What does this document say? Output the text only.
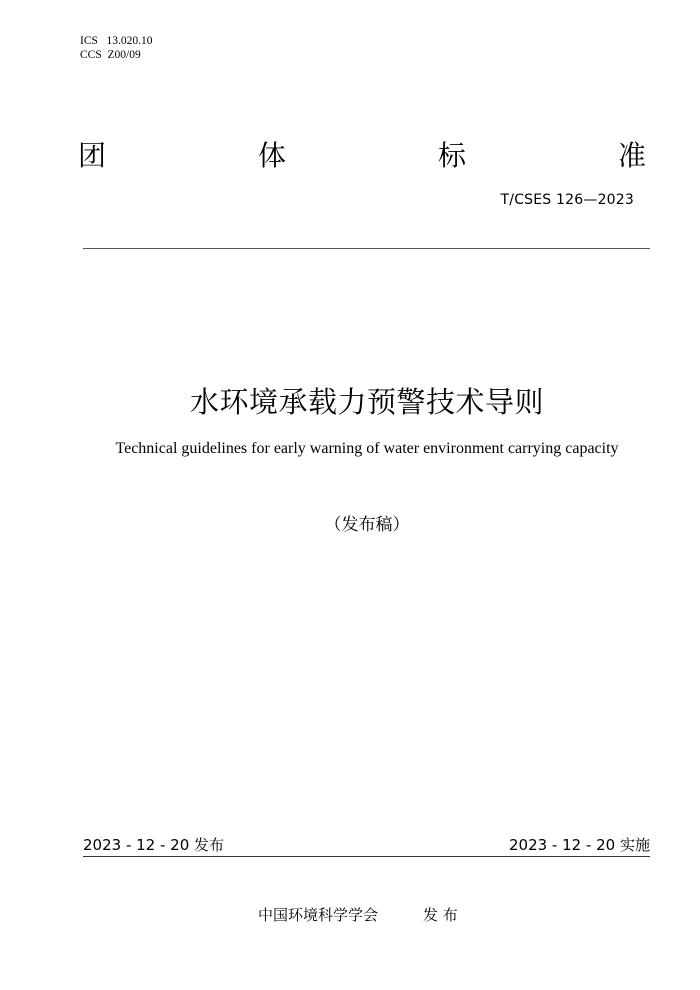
ICS   13.020.10
CCS  Z00/09
团	体	标	准
T/CSES 126—2023
水环境承载力预警技术导则
Technical guidelines for early warning of water environment carrying capacity
（发布稿）
2023 - 12 - 20 发布	2023 - 12 - 20 实施
中国环境科学学会	发 布
